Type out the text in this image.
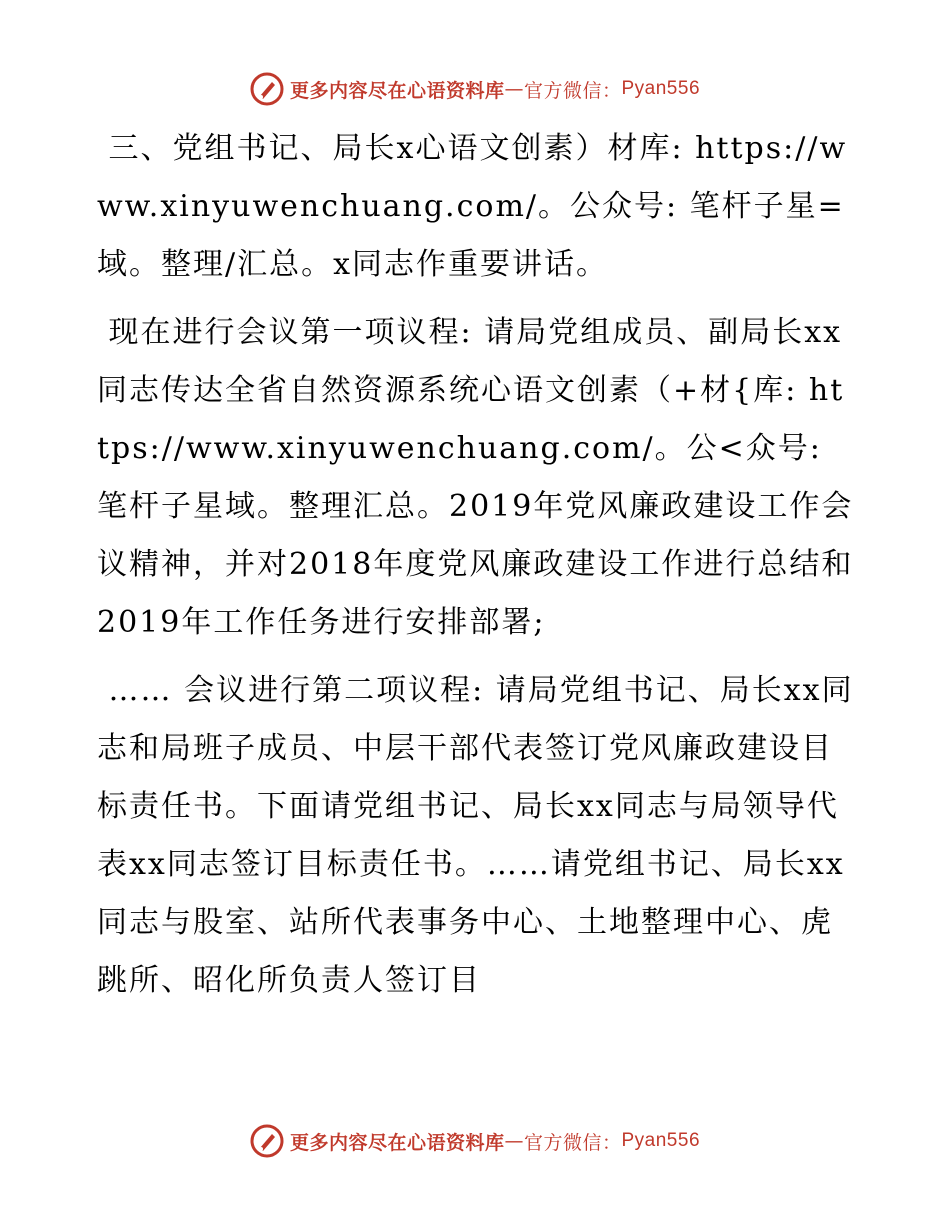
更多内容尽在心语资料库 — 官方微信： Pyan556

三、党组书记、局长x心语文创素）材库: https://www.xinyuwenchuang.com/。公众号: 笔杆子星=域。整理/汇总。x同志作重要讲话。

现在进行会议第一项议程: 请局党组成员、副局长xx同志传达全省自然资源系统心语文创素（+材{库: https://www.xinyuwenchuang.com/。公<众号: 笔杆子星域。整理汇总。2019年党风廉政建设工作会议精神，并对2018年度党风廉政建设工作进行总结和2019年工作任务进行安排部署;

…… 会议进行第二项议程: 请局党组书记、局长xx同志和局班子成员、中层干部代表签订党风廉政建设目标责任书。下面请党组书记、局长xx同志与局领导代表xx同志签订目标责任书。……请党组书记、局长xx同志与股室、站所代表事务中心、土地整理中心、虎跳所、昭化所负责人签订目

更多内容尽在心语资料库 — 官方微信： Pyan556
